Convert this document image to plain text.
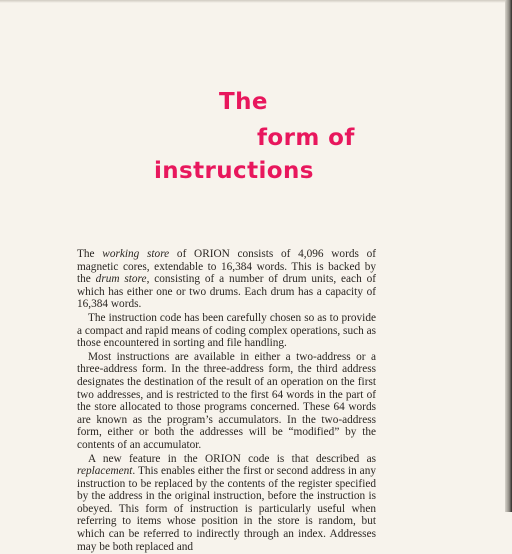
The
form of
instructions

The working store of ORION consists of 4,096 words of magnetic cores, extendable to 16,384 words. This is backed by the drum store, consisting of a number of drum units, each of which has either one or two drums. Each drum has a capacity of 16,384 words.

The instruction code has been carefully chosen so as to provide a compact and rapid means of coding complex operations, such as those encountered in sorting and file handling.

Most instructions are available in either a two-address or a three-address form. In the three-address form, the third address designates the destination of the result of an operation on the first two addresses, and is restricted to the first 64 words in the part of the store allocated to those programs concerned. These 64 words are known as the program’s accumulators. In the two-address form, either or both the addresses will be “modified” by the contents of an accumulator.

A new feature in the ORION code is that described as replacement. This enables either the first or second address in any instruction to be replaced by the contents of the register specified by the address in the original instruction, before the instruction is obeyed. This form of instruction is particularly useful when referring to items whose position in the store is random, but which can be referred to indirectly through an index. Addresses may be both replaced and
